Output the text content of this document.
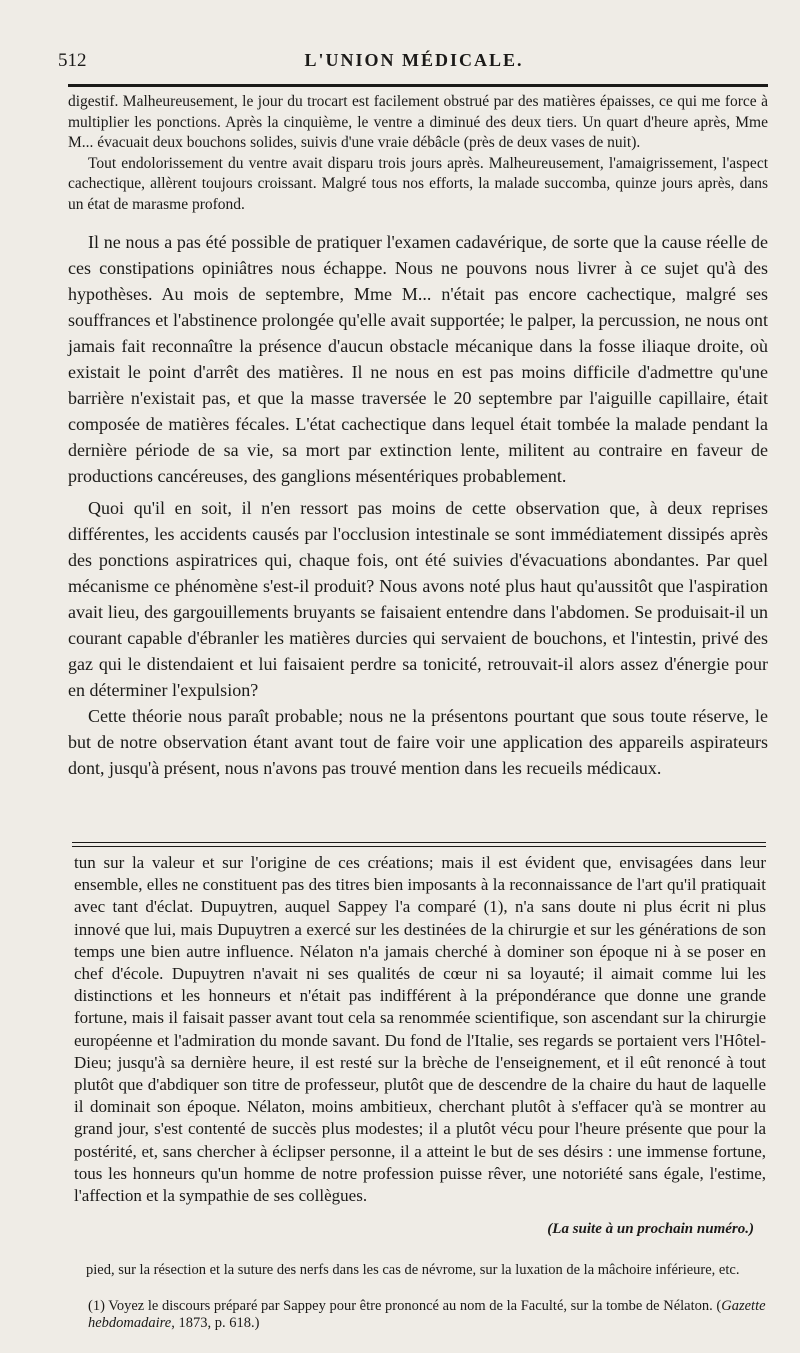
512	L'UNION MÉDICALE.

digestif. Malheureusement, le jour du trocart est facilement obstrué par des matières épaisses, ce qui me force à multiplier les ponctions. Après la cinquième, le ventre a diminué des deux tiers. Un quart d'heure après, Mme M... évacuait deux bouchons solides, suivis d'une vraie débâcle (près de deux vases de nuit).

Tout endolorissement du ventre avait disparu trois jours après. Malheureusement, l'amaigrissement, l'aspect cachectique, allèrent toujours croissant. Malgré tous nos efforts, la malade succomba, quinze jours après, dans un état de marasme profond.

Il ne nous a pas été possible de pratiquer l'examen cadavérique, de sorte que la cause réelle de ces constipations opiniâtres nous échappe. Nous ne pouvons nous livrer à ce sujet qu'à des hypothèses. Au mois de septembre, Mme M... n'était pas encore cachectique, malgré ses souffrances et l'abstinence prolongée qu'elle avait supportée; le palper, la percussion, ne nous ont jamais fait reconnaître la présence d'aucun obstacle mécanique dans la fosse iliaque droite, où existait le point d'arrêt des matières. Il ne nous en est pas moins difficile d'admettre qu'une barrière n'existait pas, et que la masse traversée le 20 septembre par l'aiguille capillaire, était composée de matières fécales. L'état cachectique dans lequel était tombée la malade pendant la dernière période de sa vie, sa mort par extinction lente, militent au contraire en faveur de productions cancéreuses, des ganglions mésentériques probablement.

Quoi qu'il en soit, il n'en ressort pas moins de cette observation que, à deux reprises différentes, les accidents causés par l'occlusion intestinale se sont immédiatement dissipés après des ponctions aspiratrices qui, chaque fois, ont été suivies d'évacuations abondantes. Par quel mécanisme ce phénomène s'est-il produit? Nous avons noté plus haut qu'aussitôt que l'aspiration avait lieu, des gargouillements bruyants se faisaient entendre dans l'abdomen. Se produisait-il un courant capable d'ébranler les matières durcies qui servaient de bouchons, et l'intestin, privé des gaz qui le distendaient et lui faisaient perdre sa tonicité, retrouvait-il alors assez d'énergie pour en déterminer l'expulsion?

Cette théorie nous paraît probable; nous ne la présentons pourtant que sous toute réserve, le but de notre observation étant avant tout de faire voir une application des appareils aspirateurs dont, jusqu'à présent, nous n'avons pas trouvé mention dans les recueils médicaux.

tun sur la valeur et sur l'origine de ces créations; mais il est évident que, envisagées dans leur ensemble, elles ne constituent pas des titres bien imposants à la reconnaissance de l'art qu'il pratiquait avec tant d'éclat. Dupuytren, auquel Sappey l'a comparé (1), n'a sans doute ni plus écrit ni plus innové que lui, mais Dupuytren a exercé sur les destinées de la chirurgie et sur les générations de son temps une bien autre influence. Nélaton n'a jamais cherché à dominer son époque ni à se poser en chef d'école. Dupuytren n'avait ni ses qualités de cœur ni sa loyauté; il aimait comme lui les distinctions et les honneurs et n'était pas indifférent à la prépondérance que donne une grande fortune, mais il faisait passer avant tout cela sa renommée scientifique, son ascendant sur la chirurgie européenne et l'admiration du monde savant. Du fond de l'Italie, ses regards se portaient vers l'Hôtel-Dieu; jusqu'à sa dernière heure, il est resté sur la brèche de l'enseignement, et il eût renoncé à tout plutôt que d'abdiquer son titre de professeur, plutôt que de descendre de la chaire du haut de laquelle il dominait son époque. Nélaton, moins ambitieux, cherchant plutôt à s'effacer qu'à se montrer au grand jour, s'est contenté de succès plus modestes; il a plutôt vécu pour l'heure présente que pour la postérité, et, sans chercher à éclipser personne, il a atteint le but de ses désirs : une immense fortune, tous les honneurs qu'un homme de notre profession puisse rêver, une notoriété sans égale, l'estime, l'affection et la sympathie de ses collègues.

(La suite à un prochain numéro.)
pied, sur la résection et la suture des nerfs dans les cas de névrome, sur la luxation de la mâchoire inférieure, etc.
(1) Voyez le discours préparé par Sappey pour être prononcé au nom de la Faculté, sur la tombe de Nélaton. (Gazette hebdomadaire, 1873, p. 618.)
